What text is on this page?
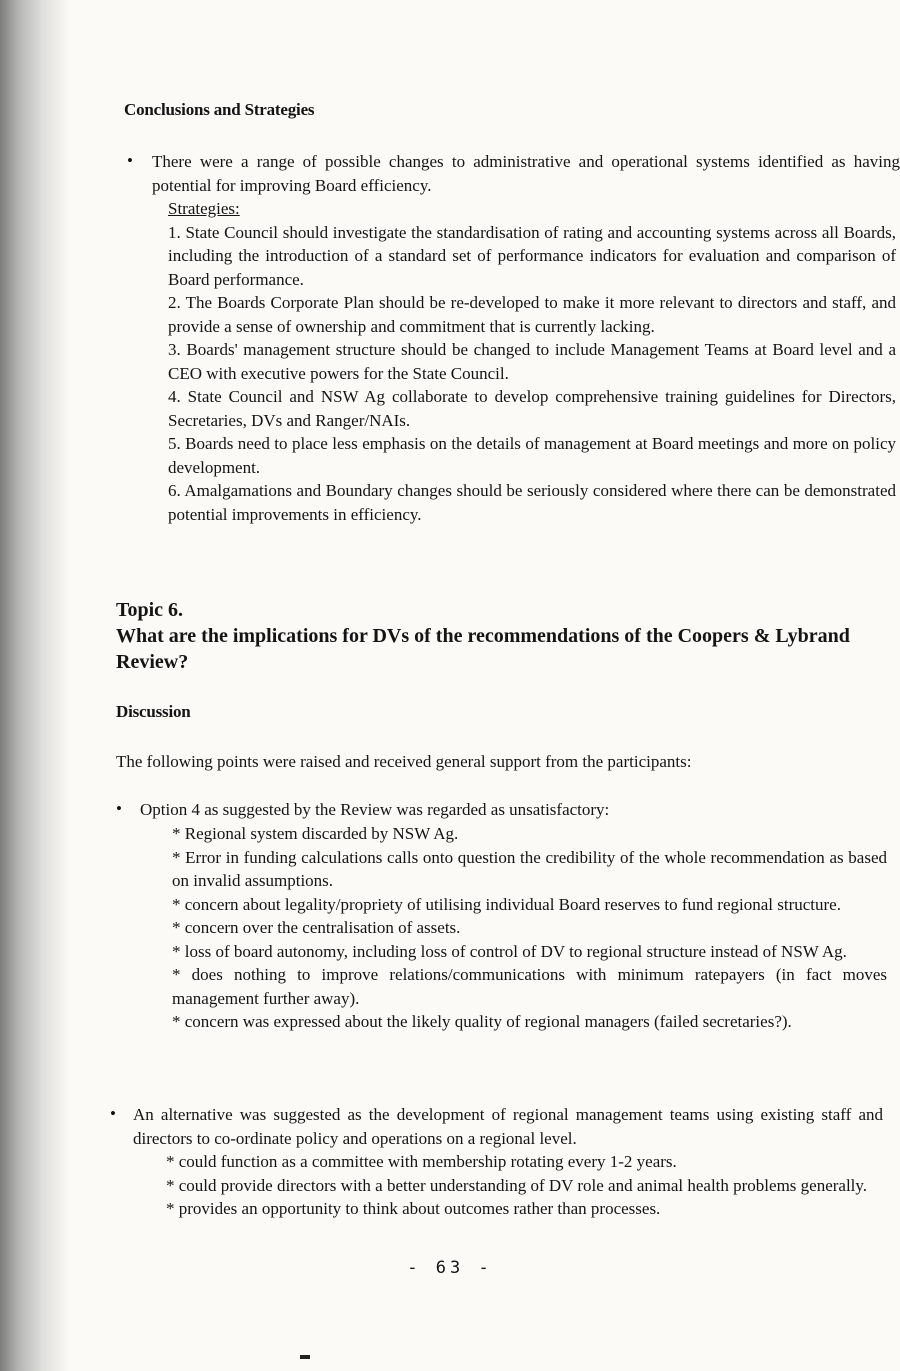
Conclusions and Strategies
• There were a range of possible changes to administrative and operational systems identified as having potential for improving Board efficiency.

Strategies:

1. State Council should investigate the standardisation of rating and accounting systems across all Boards, including the introduction of a standard set of performance indicators for evaluation and comparison of Board performance.

2. The Boards Corporate Plan should be re-developed to make it more relevant to directors and staff, and provide a sense of ownership and commitment that is currently lacking.

3. Boards' management structure should be changed to include Management Teams at Board level and a CEO with executive powers for the State Council.

4. State Council and NSW Ag collaborate to develop comprehensive training guidelines for Directors, Secretaries, DVs and Ranger/NAIs.

5. Boards need to place less emphasis on the details of management at Board meetings and more on policy development.

6. Amalgamations and Boundary changes should be seriously considered where there can be demonstrated potential improvements in efficiency.

Topic 6.

What are the implications for DVs of the recommendations of the Coopers & Lybrand Review?

Discussion

The following points were raised and received general support from the participants:

• Option 4 as suggested by the Review was regarded as unsatisfactory:

* Regional system discarded by NSW Ag.

* Error in funding calculations calls onto question the credibility of the whole recommendation as based on invalid assumptions.

* concern about legality/propriety of utilising individual Board reserves to fund regional structure.

* concern over the centralisation of assets.

* loss of board autonomy, including loss of control of DV to regional structure instead of NSW Ag.

* does nothing to improve relations/communications with minimum ratepayers (in fact moves management further away).

* concern was expressed about the likely quality of regional managers (failed secretaries?).

• An alternative was suggested as the development of regional management teams using existing staff and directors to co-ordinate policy and operations on a regional level.

* could function as a committee with membership rotating every 1-2 years.

* could provide directors with a better understanding of DV role and animal health problems generally.

* provides an opportunity to think about outcomes rather than processes.

- 63 -
